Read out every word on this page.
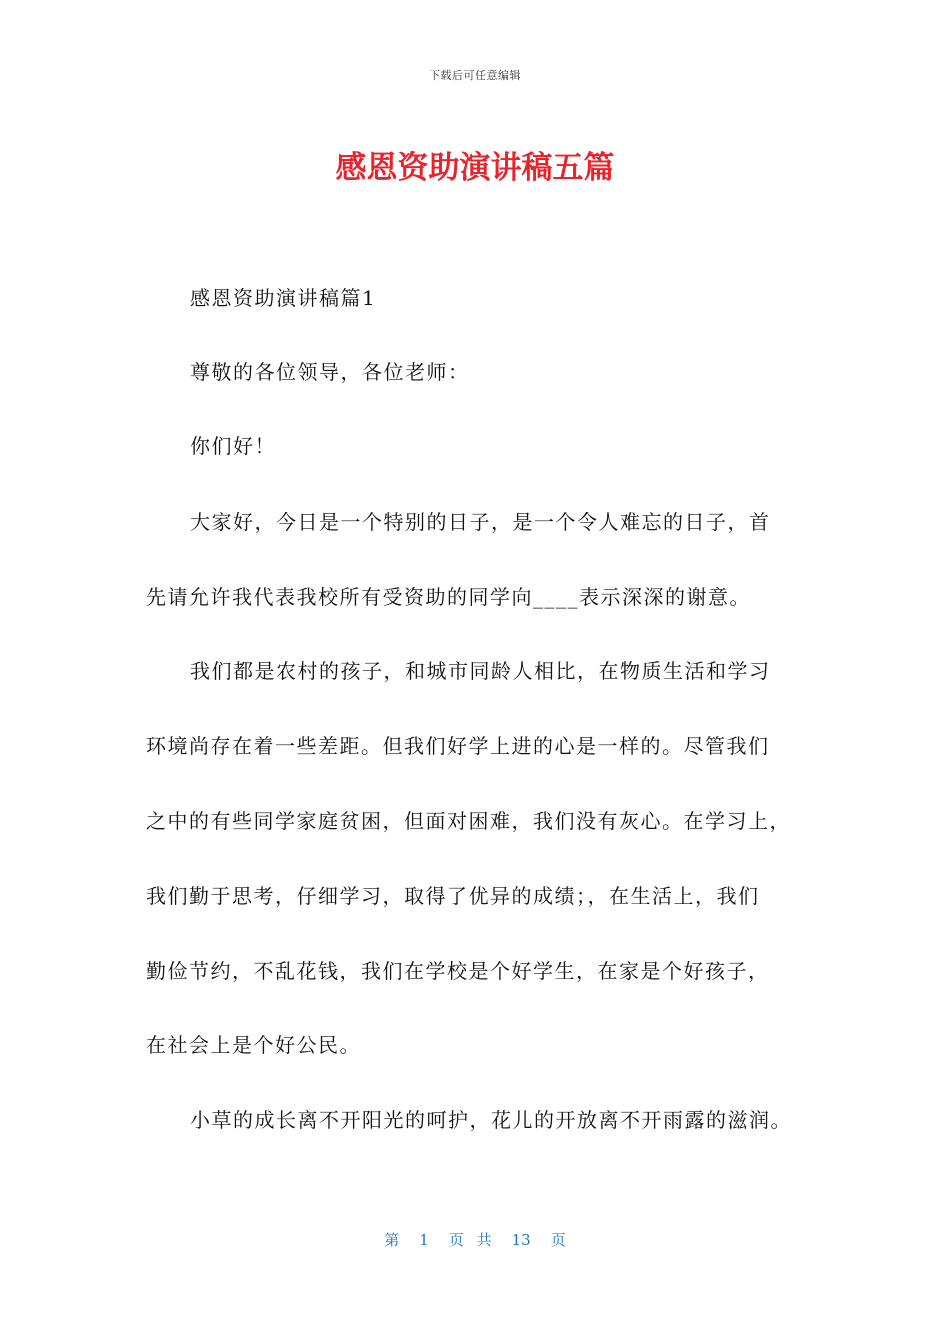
下载后可任意编辑
感恩资助演讲稿五篇
感恩资助演讲稿篇1
尊敬的各位领导，各位老师：
你们好！
大家好，今日是一个特别的日子，是一个令人难忘的日子，首
先请允许我代表我校所有受资助的同学向____表示深深的谢意。
我们都是农村的孩子，和城市同龄人相比，在物质生活和学习
环境尚存在着一些差距。但我们好学上进的心是一样的。尽管我们
之中的有些同学家庭贫困，但面对困难，我们没有灰心。在学习上，
我们勤于思考，仔细学习，取得了优异的成绩；，在生活上，我们
勤俭节约，不乱花钱，我们在学校是个好学生，在家是个好孩子，
在社会上是个好公民。
小草的成长离不开阳光的呵护，花儿的开放离不开雨露的滋润。
第 1 页 共 13 页
